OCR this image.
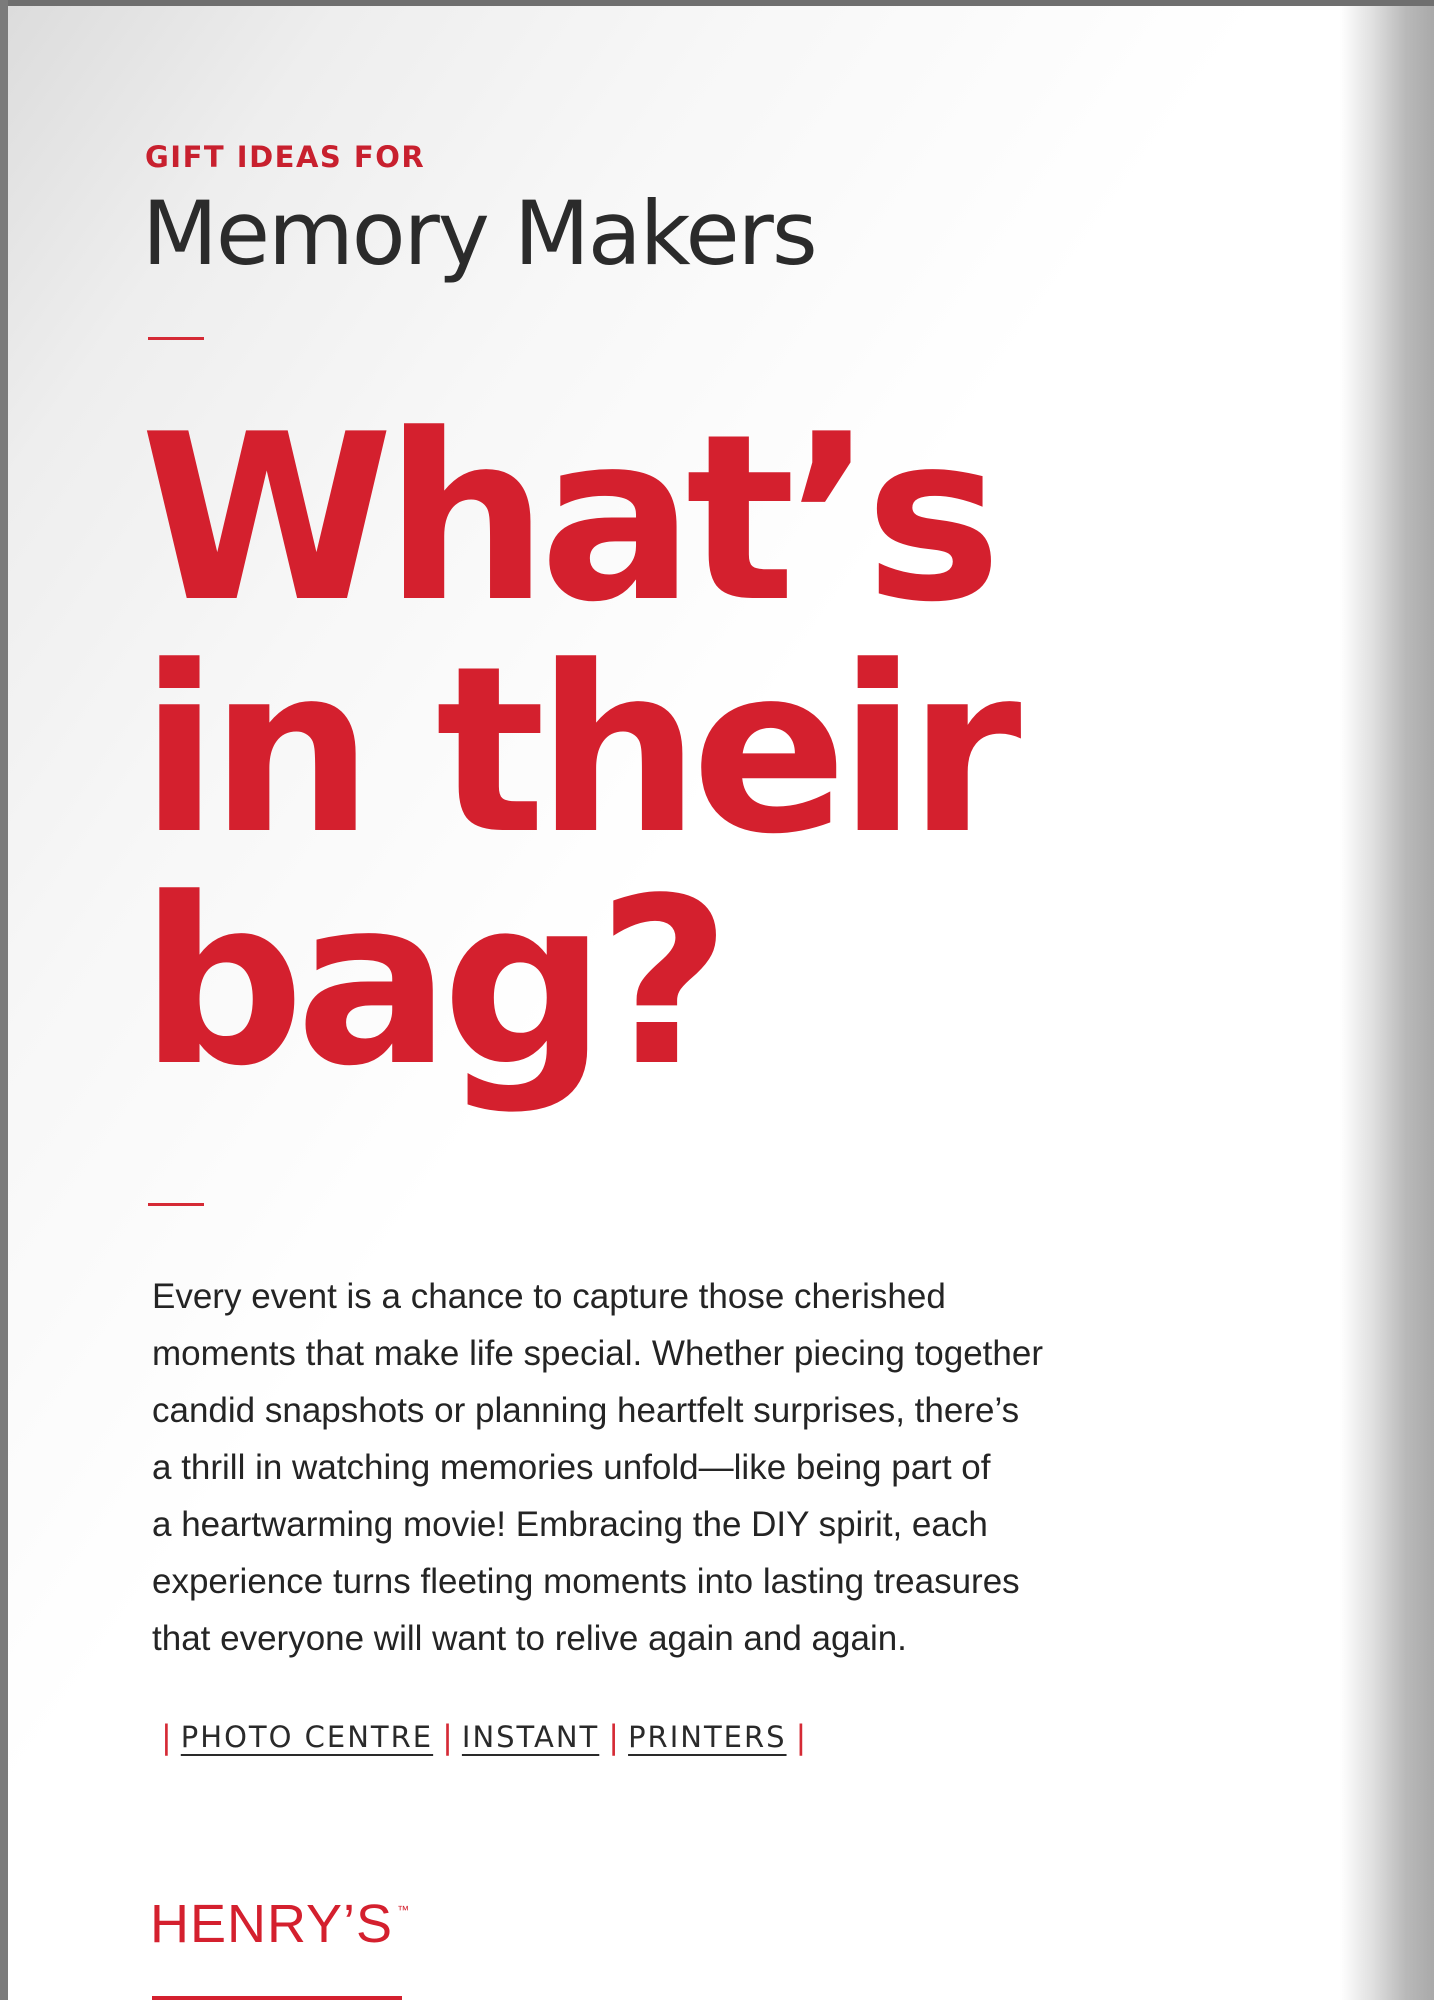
GIFT IDEAS FOR
Memory Makers
What’s
in their
bag?
Every event is a chance to capture those cherished
moments that make life special. Whether piecing together
candid snapshots or planning heartfelt surprises, there’s
a thrill in watching memories unfold—like being part of
a heartwarming movie! Embracing the DIY spirit, each
experience turns fleeting moments into lasting treasures
that everyone will want to relive again and again.
| PHOTO CENTRE | INSTANT | PRINTERS |
HENRY’S ™
